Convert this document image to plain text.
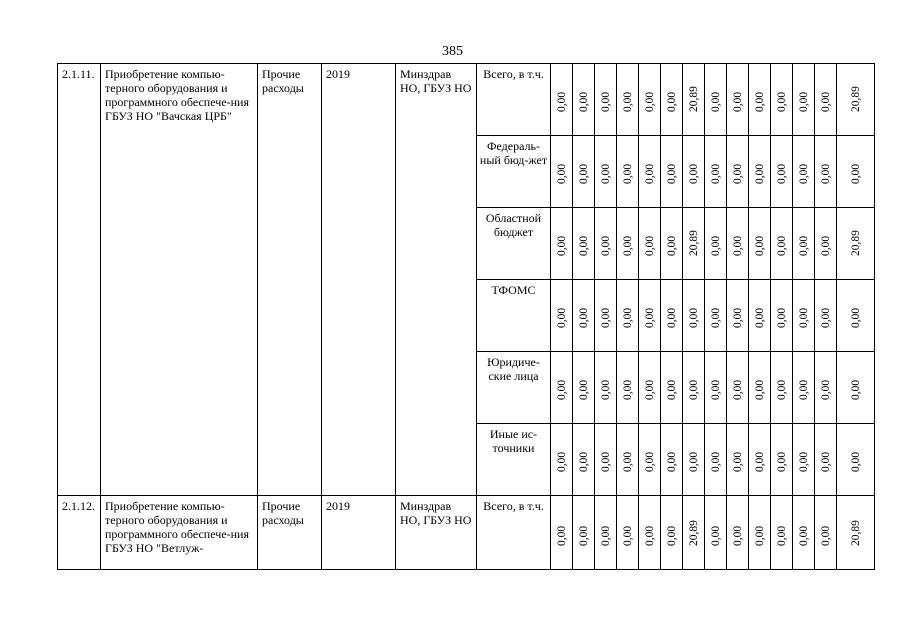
385
2.1.11.	Приобретение компью-терного оборудования и программного обеспече-ния ГБУЗ НО "Вачская ЦРБ"	Прочие расходы	2019	Минздрав НО, ГБУЗ НО	Всего, в т.ч.	0,00	0,00	0,00	0,00	0,00	0,00	20,89	0,00	0,00	0,00	0,00	0,00	0,00	20,89

					Федераль-ный бюд-жет	0,00	0,00	0,00	0,00	0,00	0,00	0,00	0,00	0,00	0,00	0,00	0,00	0,00	0,00

					Областной бюджет	0,00	0,00	0,00	0,00	0,00	0,00	20,89	0,00	0,00	0,00	0,00	0,00	0,00	20,89

					ТФОМС	0,00	0,00	0,00	0,00	0,00	0,00	0,00	0,00	0,00	0,00	0,00	0,00	0,00	0,00

					Юридиче-ские лица	0,00	0,00	0,00	0,00	0,00	0,00	0,00	0,00	0,00	0,00	0,00	0,00	0,00	0,00

					Иные ис-точники	0,00	0,00	0,00	0,00	0,00	0,00	0,00	0,00	0,00	0,00	0,00	0,00	0,00	0,00

2.1.12.	Приобретение компью-терного оборудования и программного обеспече-ния ГБУЗ НО "Ветлуж-	Прочие расходы	2019	Минздрав НО, ГБУЗ НО	Всего, в т.ч.	0,00	0,00	0,00	0,00	0,00	0,00	20,89	0,00	0,00	0,00	0,00	0,00	0,00	20,89
